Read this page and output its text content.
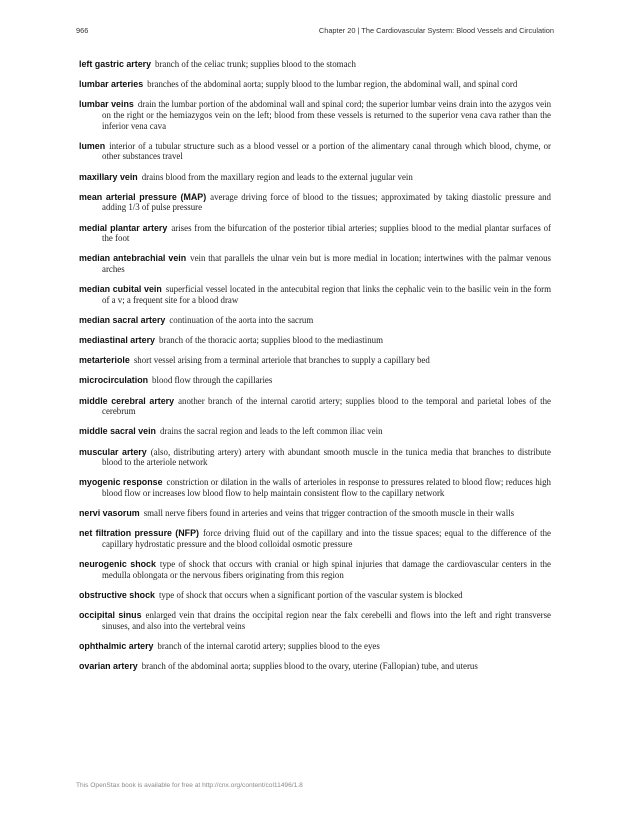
966	Chapter 20 | The Cardiovascular System: Blood Vessels and Circulation
left gastric artery branch of the celiac trunk; supplies blood to the stomach
lumbar arteries branches of the abdominal aorta; supply blood to the lumbar region, the abdominal wall, and spinal cord
lumbar veins drain the lumbar portion of the abdominal wall and spinal cord; the superior lumbar veins drain into the azygos vein on the right or the hemiazygos vein on the left; blood from these vessels is returned to the superior vena cava rather than the inferior vena cava
lumen interior of a tubular structure such as a blood vessel or a portion of the alimentary canal through which blood, chyme, or other substances travel
maxillary vein drains blood from the maxillary region and leads to the external jugular vein
mean arterial pressure (MAP) average driving force of blood to the tissues; approximated by taking diastolic pressure and adding 1/3 of pulse pressure
medial plantar artery arises from the bifurcation of the posterior tibial arteries; supplies blood to the medial plantar surfaces of the foot
median antebrachial vein vein that parallels the ulnar vein but is more medial in location; intertwines with the palmar venous arches
median cubital vein superficial vessel located in the antecubital region that links the cephalic vein to the basilic vein in the form of a v; a frequent site for a blood draw
median sacral artery continuation of the aorta into the sacrum
mediastinal artery branch of the thoracic aorta; supplies blood to the mediastinum
metarteriole short vessel arising from a terminal arteriole that branches to supply a capillary bed
microcirculation blood flow through the capillaries
middle cerebral artery another branch of the internal carotid artery; supplies blood to the temporal and parietal lobes of the cerebrum
middle sacral vein drains the sacral region and leads to the left common iliac vein
muscular artery (also, distributing artery) artery with abundant smooth muscle in the tunica media that branches to distribute blood to the arteriole network
myogenic response constriction or dilation in the walls of arterioles in response to pressures related to blood flow; reduces high blood flow or increases low blood flow to help maintain consistent flow to the capillary network
nervi vasorum small nerve fibers found in arteries and veins that trigger contraction of the smooth muscle in their walls
net filtration pressure (NFP) force driving fluid out of the capillary and into the tissue spaces; equal to the difference of the capillary hydrostatic pressure and the blood colloidal osmotic pressure
neurogenic shock type of shock that occurs with cranial or high spinal injuries that damage the cardiovascular centers in the medulla oblongata or the nervous fibers originating from this region
obstructive shock type of shock that occurs when a significant portion of the vascular system is blocked
occipital sinus enlarged vein that drains the occipital region near the falx cerebelli and flows into the left and right transverse sinuses, and also into the vertebral veins
ophthalmic artery branch of the internal carotid artery; supplies blood to the eyes
ovarian artery branch of the abdominal aorta; supplies blood to the ovary, uterine (Fallopian) tube, and uterus
This OpenStax book is available for free at http://cnx.org/content/col11496/1.8
